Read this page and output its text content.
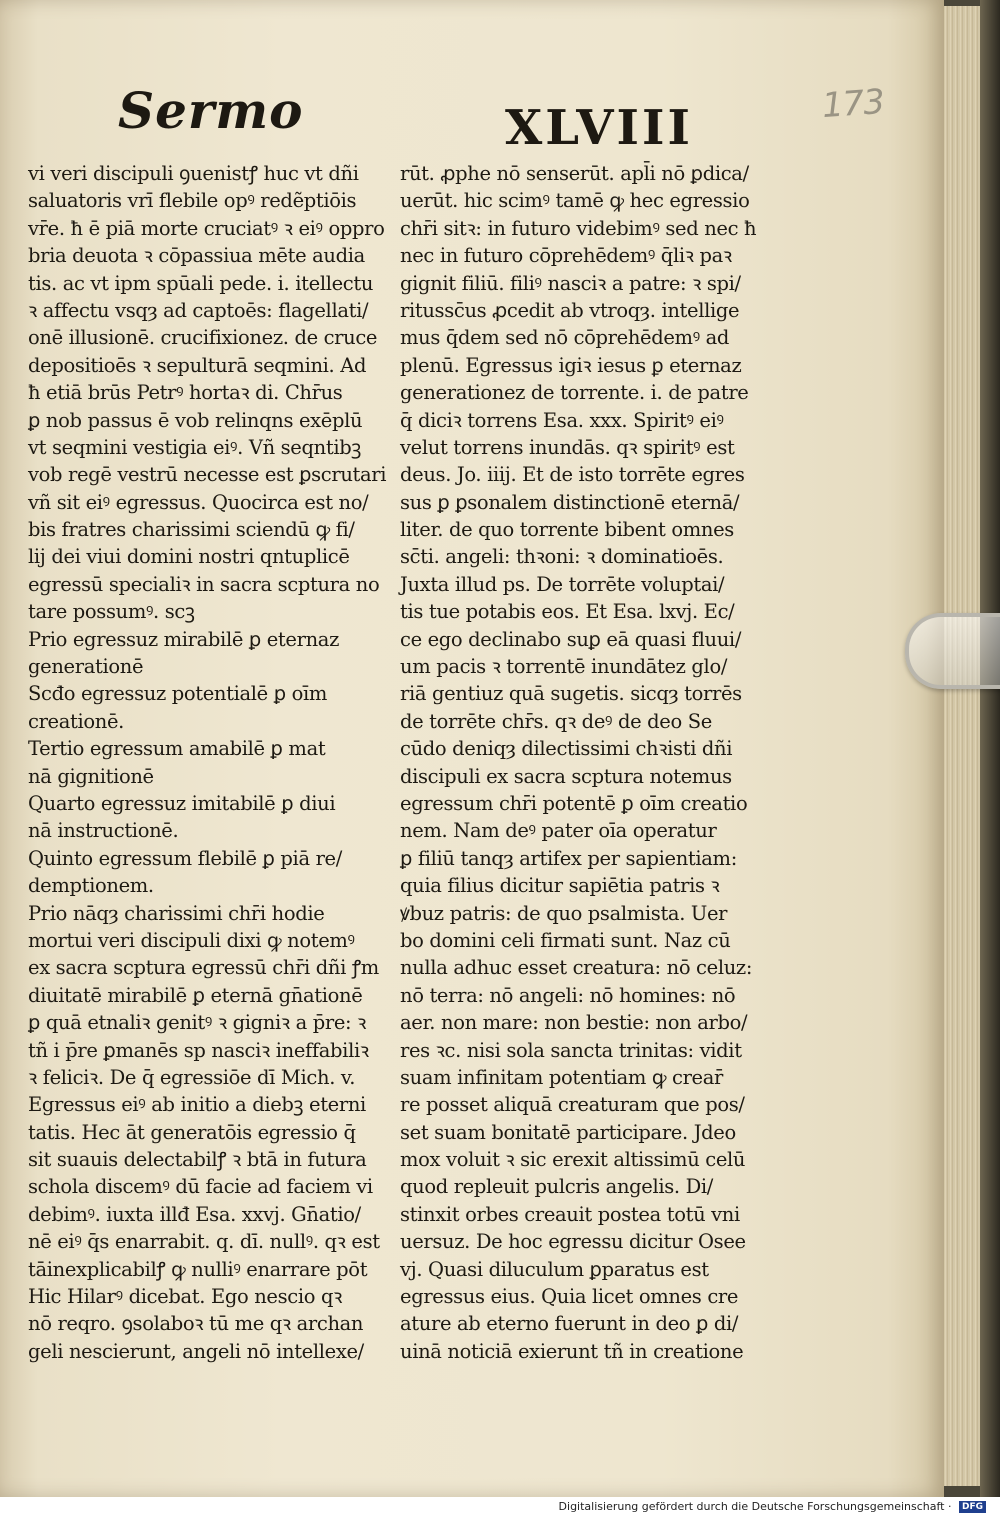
173
Sermo	XLVIII
vi veri discipuli ꝯuenistꝭ huc vt dñi
saluatoris vrī flebile opꝰ redẽptiōis
vr̄e. ħ ē piā morte cruciatꝰ ꝛ eiꝰ oppro
bria deuota ꝛ cōpassiua mēte audia
tis. ac vt ipm spūali pede. i. itellectu
ꝛ affectu vsqȝ ad captoēs: flagellati/
onē illusionē. crucifixionez. de cruce
depositioēs ꝛ sepulturā seqmini. Ad
ħ etiā brūs Petrꝰ hortaꝛ di. Chr̄us
ꝑ nob passus ē vob relinqns exēplū
vt seqmini vestigia eiꝰ. Vñ seqntibꝫ
vob regē vestrū necesse est ꝑscrutari
vñ sit eiꝰ egressus. Quocirca est no/
bis fratres charissimi sciendū ꝙ fi/
lij dei viui domini nostri qntuplicē
egressū specialiꝛ in sacra scptura no
tare possumꝰ. scꝫ
Prio egressuz mirabilē ꝑ eternaz
generationē
Scđo egressuz potentialē ꝑ oīm
creationē.
Tertio egressum amabilē ꝑ mat
nā gignitionē
Quarto egressuz imitabilē ꝑ diui
nā instructionē.
Quinto egressum flebilē ꝑ piā re/
demptionem.
Prio nāqȝ charissimi chr̄i hodie
mortui veri discipuli dixi ꝙ notemꝰ
ex sacra scptura egressū chr̄i dñi ꝭm
diuitatē mirabilē ꝑ eternā gn̄ationē
ꝑ quā etnaliꝛ genitꝰ ꝛ gigniꝛ a p̄re: ꝛ
tñ i p̄re ꝑmanēs sp nasciꝛ ineffabiliꝛ
ꝛ feliciꝛ. De q̄ egressiōe dī Mich. v.
Egressus eiꝰ ab initio a diebꝫ eterni
tatis. Hec āt generatōis egressio q̄
sit suauis delectabilꝭ ꝛ btā in futura
schola discemꝰ dū facie ad faciem vi
debimꝰ. iuxta illđ Esa. xxvj. Gn̄atio/
nē eiꝰ q̄s enarrabit. q. dī. nullꝰ. qꝛ est
tāinexplicabilꝭ ꝙ nulliꝰ enarrare pōt
Hic Hilarꝰ dicebat. Ego nescio qꝛ
nō reqro. ꝯsolaboꝛ tū me qꝛ archan
geli nescierunt, angeli nō intellexe/
rūt. ꝓphe nō senserūt. apl̄i nō ꝑdica/
uerūt. hic scimꝰ tamē ꝙ hec egressio
chr̄i sitꝛ: in futuro videbimꝰ sed nec ħ
nec in futuro cōprehēdemꝰ q̄liꝛ paꝛ
gignit filiū. filiꝰ nasciꝛ a patre: ꝛ spi/
ritussc̄us ꝓcedit ab vtroqȝ. intellige
mus q̄dem sed nō cōprehēdemꝰ ad
plenū. Egressus igiꝛ iesus ꝑ eternaz
generationez de torrente. i. de patre
q̄ diciꝛ torrens Esa. xxx. Spiritꝰ eiꝰ
velut torrens inundās. qꝛ spiritꝰ est
deus. Jo. iiij. Et de isto torrēte egres
sus ꝑ ꝑsonalem distinctionē eternā/
liter. de quo torrente bibent omnes
sc̄ti. angeli: thꝛoni: ꝛ dominatioēs.
Juxta illud ps. De torrēte voluptai/
tis tue potabis eos. Et Esa. lxvj. Ec/
ce ego declinabo suꝑ eā quasi fluui/
um pacis ꝛ torrentē inundātez glo/
riā gentiuz quā sugetis. sicqȝ torrēs
de torrēte chr̄s. qꝛ deꝰ de deo Se
cūdo deniqȝ dilectissimi chꝛisti dñi
discipuli ex sacra scptura notemus
egressum chr̄i potentē ꝑ oīm creatio
nem. Nam deꝰ pater oīa operatur
ꝑ filiū tanqȝ artifex per sapientiam:
quia filius dicitur sapiētia patris ꝛ
ꝟbuz patris: de quo psalmista. Uer
bo domini celi firmati sunt. Naz cū
nulla adhuc esset creatura: nō celuz:
nō terra: nō angeli: nō homines: nō
aer. non mare: non bestie: non arbo/
res ꝛc. nisi sola sancta trinitas: vidit
suam infinitam potentiam ꝙ crear̄
re posset aliquā creaturam que pos/
set suam bonitatē participare. Jdeo
mox voluit ꝛ sic erexit altissimū celū
quod repleuit pulcris angelis. Di/
stinxit orbes creauit postea totū vni
uersuz. De hoc egressu dicitur Osee
vj. Quasi diluculum ꝑparatus est
egressus eius. Quia licet omnes cre
ature ab eterno fuerunt in deo ꝑ di/
uinā noticiā exierunt tñ in creatione
Digitalisierung gefördert durch die Deutsche Forschungsgemeinschaft · DFG
